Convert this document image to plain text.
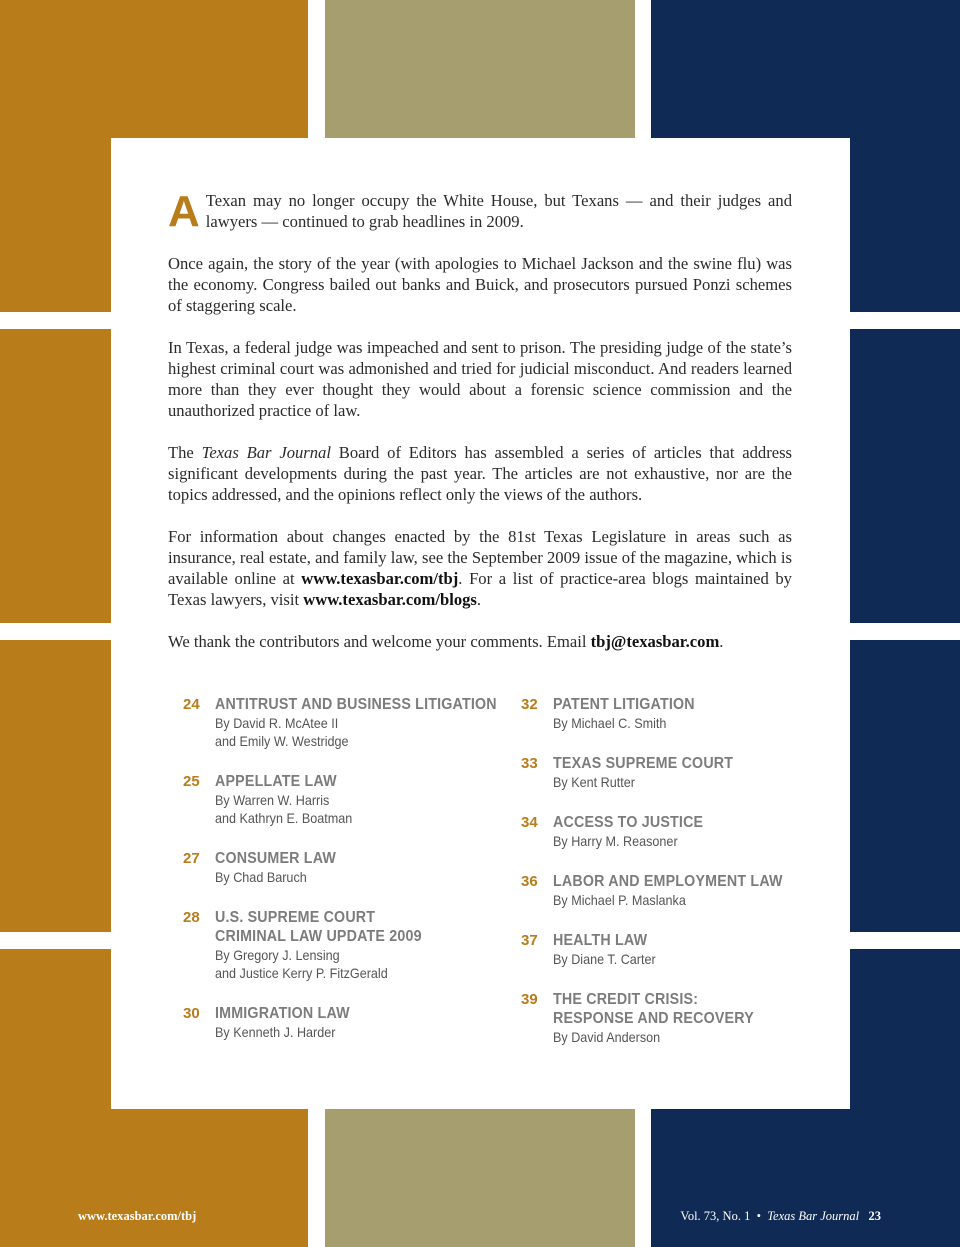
A Texan may no longer occupy the White House, but Texans — and their judges and lawyers — continued to grab headlines in 2009.

Once again, the story of the year (with apologies to Michael Jackson and the swine flu) was the economy. Congress bailed out banks and Buick, and prosecutors pursued Ponzi schemes of staggering scale.

In Texas, a federal judge was impeached and sent to prison. The presiding judge of the state’s highest criminal court was admonished and tried for judicial misconduct. And readers learned more than they ever thought they would about a forensic science commission and the unauthorized practice of law.

The Texas Bar Journal Board of Editors has assembled a series of articles that address significant developments during the past year. The articles are not exhaustive, nor are the topics addressed, and the opinions reflect only the views of the authors.

For information about changes enacted by the 81st Texas Legislature in areas such as insurance, real estate, and family law, see the September 2009 issue of the magazine, which is available online at www.texasbar.com/tbj. For a list of practice-area blogs maintained by Texas lawyers, visit www.texasbar.com/blogs.

We thank the contributors and welcome your comments. Email tbj@texasbar.com.

24 ANTITRUST AND BUSINESS LITIGATION
By David R. McAtee II
and Emily W. Westridge
25 APPELLATE LAW
By Warren W. Harris
and Kathryn E. Boatman
27 CONSUMER LAW
By Chad Baruch
28 U.S. SUPREME COURT
CRIMINAL LAW UPDATE 2009
By Gregory J. Lensing
and Justice Kerry P. FitzGerald
30 IMMIGRATION LAW
By Kenneth J. Harder
32 PATENT LITIGATION
By Michael C. Smith
33 TEXAS SUPREME COURT
By Kent Rutter
34 ACCESS TO JUSTICE
By Harry M. Reasoner
36 LABOR AND EMPLOYMENT LAW
By Michael P. Maslanka
37 HEALTH LAW
By Diane T. Carter
39 THE CREDIT CRISIS:
RESPONSE AND RECOVERY
By David Anderson
www.texasbar.com/tbj	Vol. 73, No. 1 • Texas Bar Journal 23
